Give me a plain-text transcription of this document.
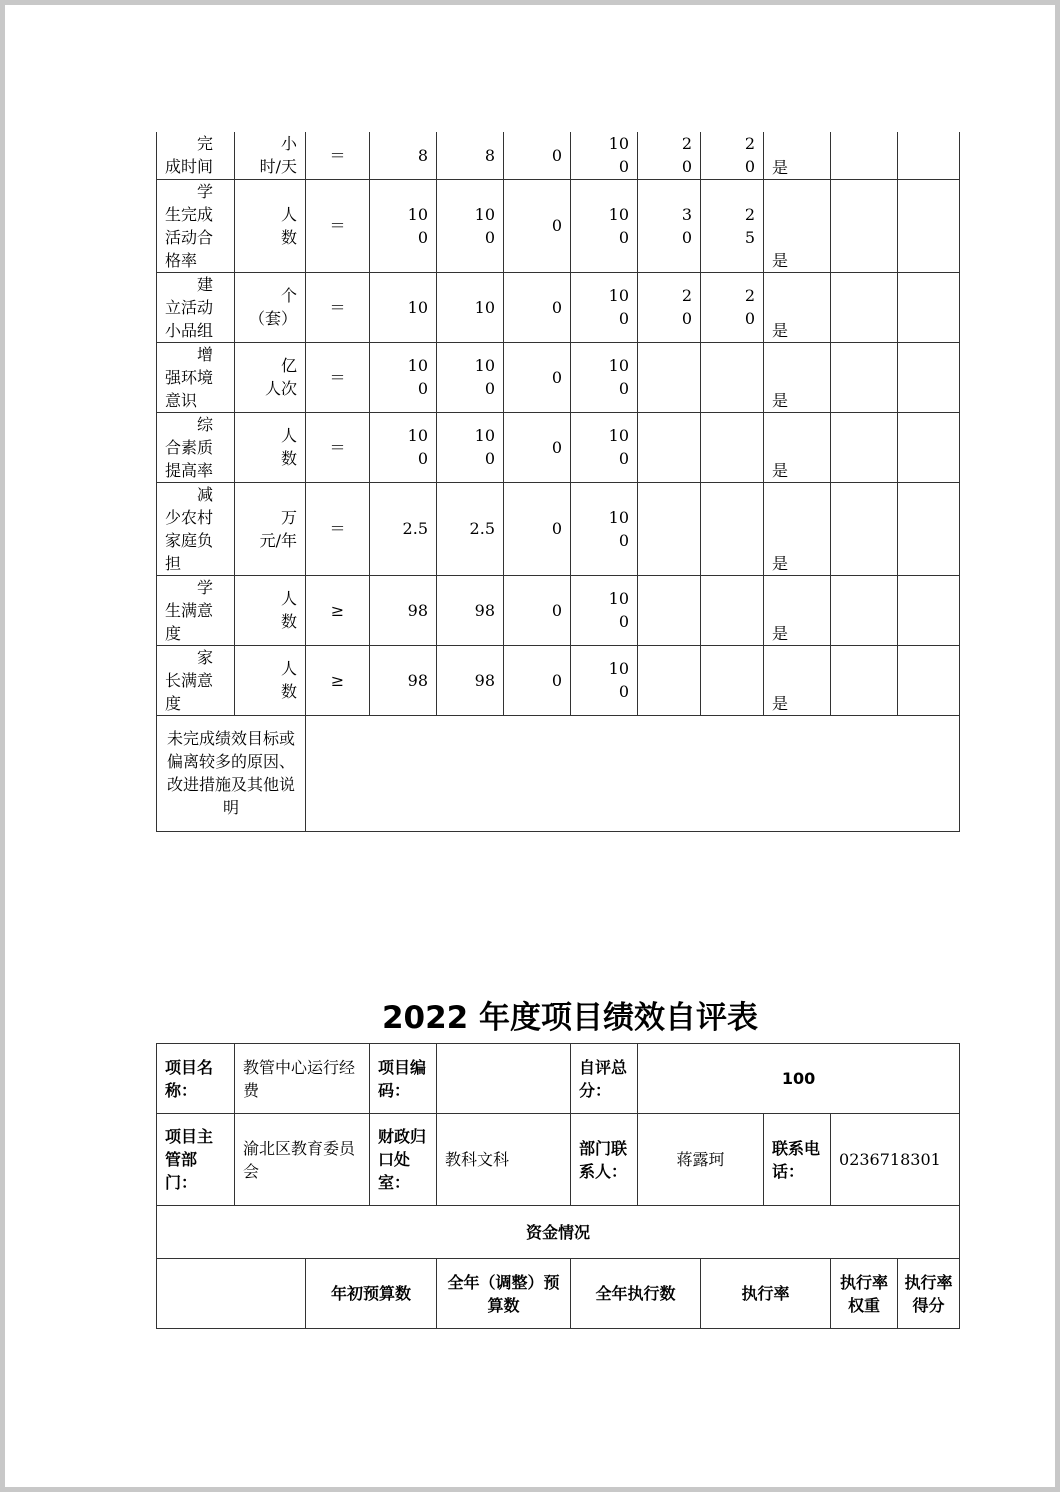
完成时间	小时/天	＝	8	8	0	100	20	20	是		
学生完成活动合格率	人数	＝	100	100	0	100	30	25	是		
建立活动小品组	个（套）	＝	10	10	0	100	20	20	是		
增强环境意识	亿人次	＝	100	100	0	100			是		
综合素质提高率	人数	＝	100	100	0	100			是		
减少农村家庭负担	万元/年	＝	2.5	2.5	0	100			是		
学生满意度	人数	≥	98	98	0	100			是		
家长满意度	人数	≥	98	98	0	100			是		
未完成绩效目标或偏离较多的原因、改进措施及其他说明											
2022 年度项目绩效自评表
项目名称：	教管中心运行经费		项目编码：		自评总分：	100				
项目主管部门：	渝北区教育委员会		财政归口处室：	教科文科	部门联系人：	蒋露珂		联系电话：	0236718301	
资金情况										
		年初预算数		全年（调整）预算数	全年执行数		执行率		执行率权重	执行率得分
